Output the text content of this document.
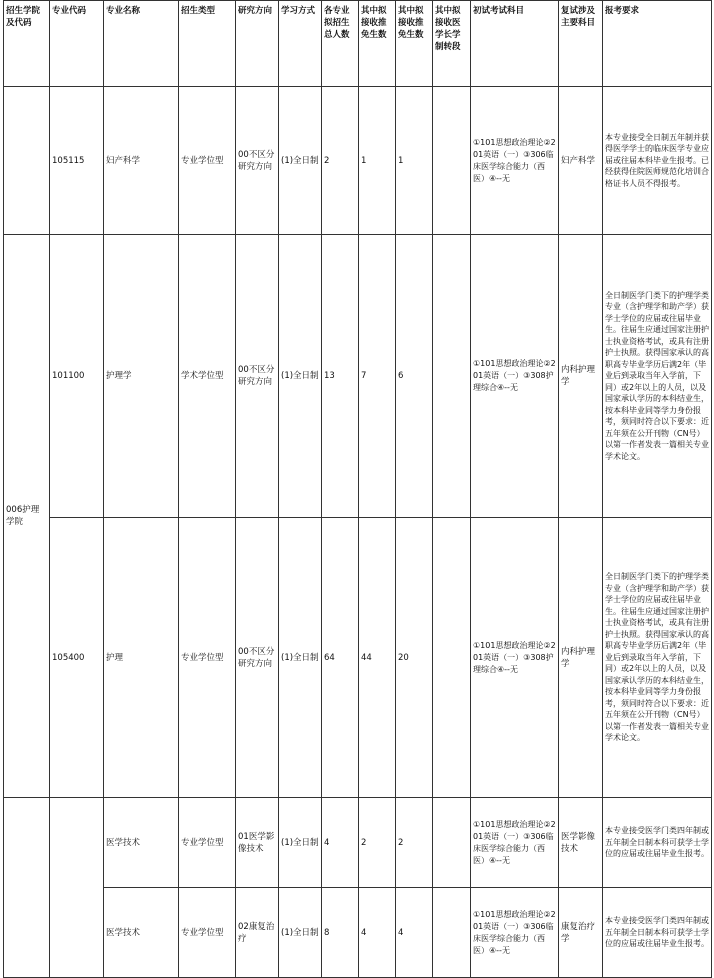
招生学院及代码	专业代码	专业名称	招生类型	研究方向	学习方式	各专业拟招生总人数	其中拟接收推免生数	其中拟接收推免生数	其中拟接收医学长学制转段	初试考试科目	复试涉及主要科目	报考要求
	105115	妇产科学	专业学位型	00不区分研究方向	(1)全日制	2	1	1		①101思想政治理论②201英语（一）③306临床医学综合能力（西医）④--无	妇产科学	本专业接受全日制五年制并获得医学学士的临床医学专业应届或往届本科毕业生报考。已经获得住院医师规范化培训合格证书人员不得报考。
006护理学院	101100	护理学	学术学位型	00不区分研究方向	(1)全日制	13	7	6		①101思想政治理论②201英语（一）③308护理综合④--无	内科护理学	全日制医学门类下的护理学类专业（含护理学和助产学）获学士学位的应届或往届毕业生。往届生应通过国家注册护士执业资格考试，或具有注册护士执照。获得国家承认的高职高专毕业学历后满2年（毕业后到录取当年入学前，下同）或2年以上的人员，以及国家承认学历的本科结业生，按本科毕业同等学力身份报考，须同时符合以下要求：近五年须在公开刊物（CN号）以第一作者发表一篇相关专业学术论文。
	105400	护理	专业学位型	00不区分研究方向	(1)全日制	64	44	20		①101思想政治理论②201英语（一）③308护理综合④--无	内科护理学	全日制医学门类下的护理学类专业（含护理学和助产学）获学士学位的应届或往届毕业生。往届生应通过国家注册护士执业资格考试，或具有注册护士执照。获得国家承认的高职高专毕业学历后满2年（毕业后到录取当年入学前，下同）或2年以上的人员，以及国家承认学历的本科结业生，按本科毕业同等学力身份报考，须同时符合以下要求：近五年须在公开刊物（CN号）以第一作者发表一篇相关专业学术论文。
		医学技术	专业学位型	01医学影像技术	(1)全日制	4	2	2		①101思想政治理论②201英语（一）③306临床医学综合能力（西医）④--无	医学影像技术	本专业接受医学门类四年制或五年制全日制本科可获学士学位的应届或往届毕业生报考。
		医学技术	专业学位型	02康复治疗	(1)全日制	8	4	4		①101思想政治理论②201英语（一）③306临床医学综合能力（西医）④--无	康复治疗学	本专业接受医学门类四年制或五年制全日制本科可获学士学位的应届或往届毕业生报考。
